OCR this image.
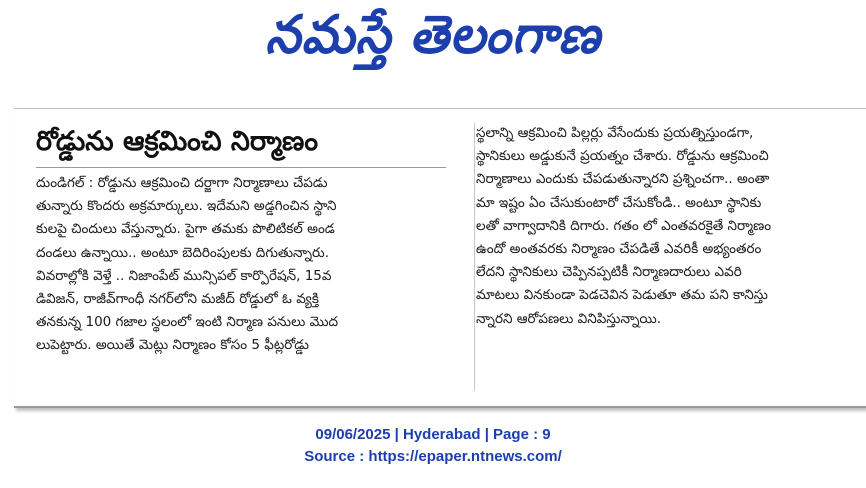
నమస్తే తెలంగాణ
రోడ్డును ఆక్రమించి నిర్మాణం

దుండిగల్ : రోడ్డును ఆక్రమించి దర్జాగా నిర్మాణాలు చేపడు
తున్నారు కొందరు అక్రమార్కులు. ఇదేమని అడ్డగించిన స్థాని
కులపై చిందులు వేస్తున్నారు. పైగా తమకు పొలిటికల్ అండ
దండలు ఉన్నాయి.. అంటూ బెదిరింపులకు దిగుతున్నారు.
వివరాల్లోకి వెళ్తే .. నిజాంపేట్ మున్సిపల్ కార్పొరేషన్, 15వ
డివిజన్, రాజీవ్‌గాంధీ నగర్‌లోని మజీద్ రోడ్డులో ఓ వ్యక్తి
తనకున్న 100 గజాల స్థలంలో ఇంటి నిర్మాణ పనులు మొద
లుపెట్టారు. అయితే మెట్లు నిర్మాణం కోసం 5 ఫీట్లరోడ్డు

స్థలాన్ని ఆక్రమించి పిల్లర్లు వేసేందుకు ప్రయత్నిస్తుండగా,
స్థానికులు అడ్డుకునే ప్రయత్నం చేశారు. రోడ్డును ఆక్రమించి
నిర్మాణాలు ఎందుకు చేపడుతున్నారని ప్రశ్నించగా.. అంతా
మా ఇష్టం ఏం చేసుకుంటారో చేసుకోండి.. అంటూ స్థానికు
లతో వాగ్వాదానికి దిగారు. గతం లో ఎంతవరకైతే నిర్మాణం
ఉందో అంతవరకు నిర్మాణం చేపడితే ఎవరికీ అభ్యంతరం
లేదని స్థానికులు చెప్పినప్పటికీ నిర్మాణదారులు ఎవరి
మాటలు వినకుండా పెడచెవిన పెడుతూ తమ పని కానిస్తు
న్నారని ఆరోపణలు వినిపిస్తున్నాయి.

09/06/2025 | Hyderabad | Page : 9
Source : https://epaper.ntnews.com/
